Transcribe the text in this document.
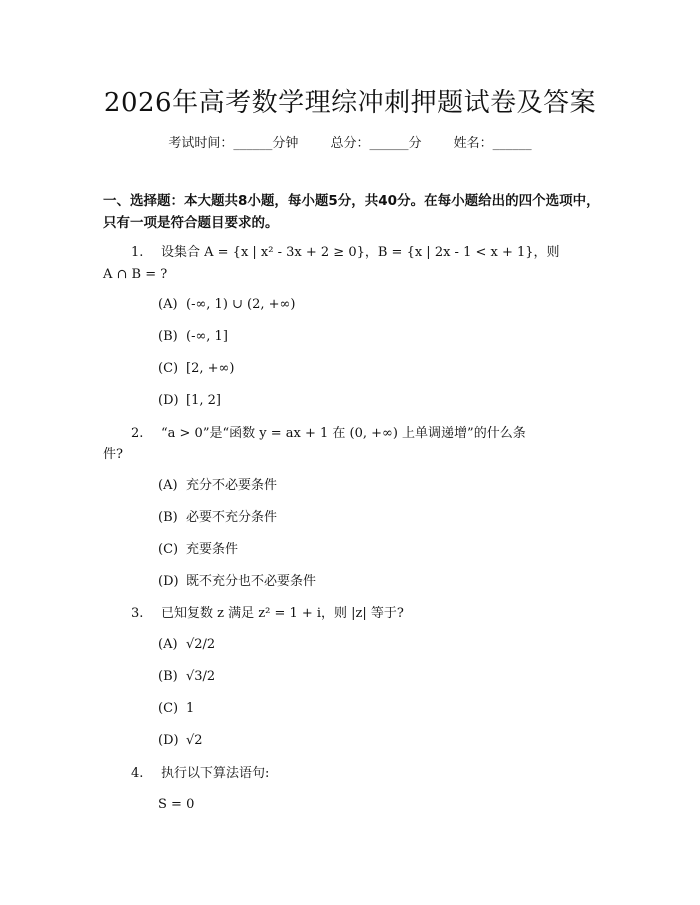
2026年高考数学理综冲刺押题试卷及答案
考试时间：______分钟 总分：______分 姓名：______
一、选择题：本大题共8小题，每小题5分，共40分。在每小题给出的四个选项中，只有一项是符合题目要求的。
1. 设集合 A = {x | x² - 3x + 2 ≥ 0}，B = {x | 2x - 1 < x + 1}，则
A ∩ B = ?
(A) (-∞, 1) ∪ (2, +∞)
(B) (-∞, 1]
(C) [2, +∞)
(D) [1, 2]
2. “a > 0”是“函数 y = ax + 1 在 (0, +∞) 上单调递增”的什么条
件?
(A) 充分不必要条件
(B) 必要不充分条件
(C) 充要条件
(D) 既不充分也不必要条件
3. 已知复数 z 满足 z² = 1 + i，则 |z| 等于?
(A) √2/2
(B) √3/2
(C) 1
(D) √2
4. 执行以下算法语句:
S = 0
